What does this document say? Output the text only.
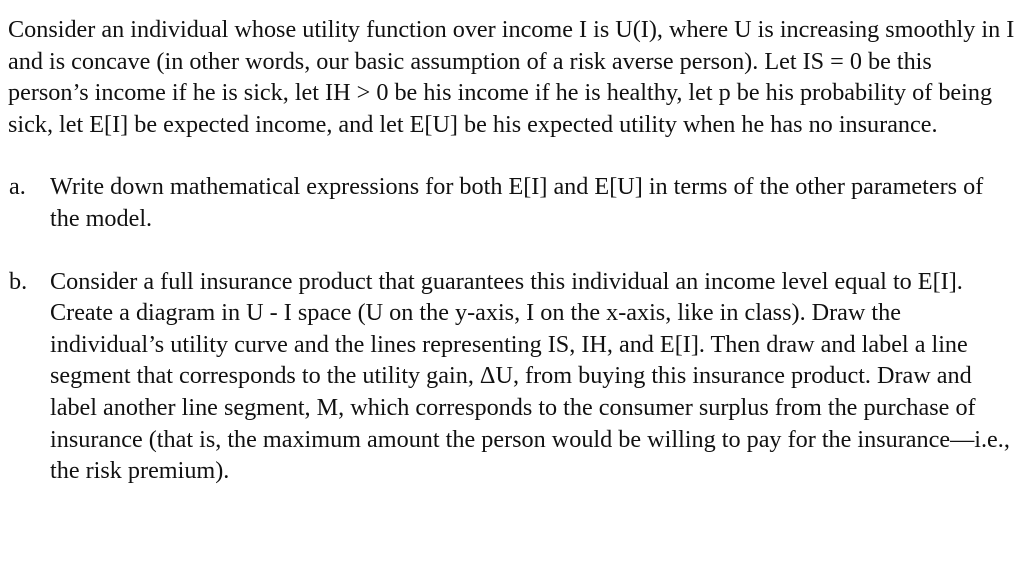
Consider an individual whose utility function over income I is U(I), where U is increasing smoothly in I and is concave (in other words, our basic assumption of a risk averse person). Let IS = 0 be this person’s income if he is sick, let IH > 0 be his income if he is healthy, let p be his probability of being sick, let E[I] be expected income, and let E[U] be his expected utility when he has no insurance.

a.	Write down mathematical expressions for both E[I] and E[U] in terms of the other parameters of the model.

b. Consider a full insurance product that guarantees this individual an income level equal to E[I]. Create a diagram in U - I space (U on the y-axis, I on the x-axis, like in class). Draw the individual’s utility curve and the lines representing IS, IH, and E[I]. Then draw and label a line segment that corresponds to the utility gain, ΔU, from buying this insurance product. Draw and label another line segment, M, which corresponds to the consumer surplus from the purchase of insurance (that is, the maximum amount the person would be willing to pay for the insurance—i.e., the risk premium).
